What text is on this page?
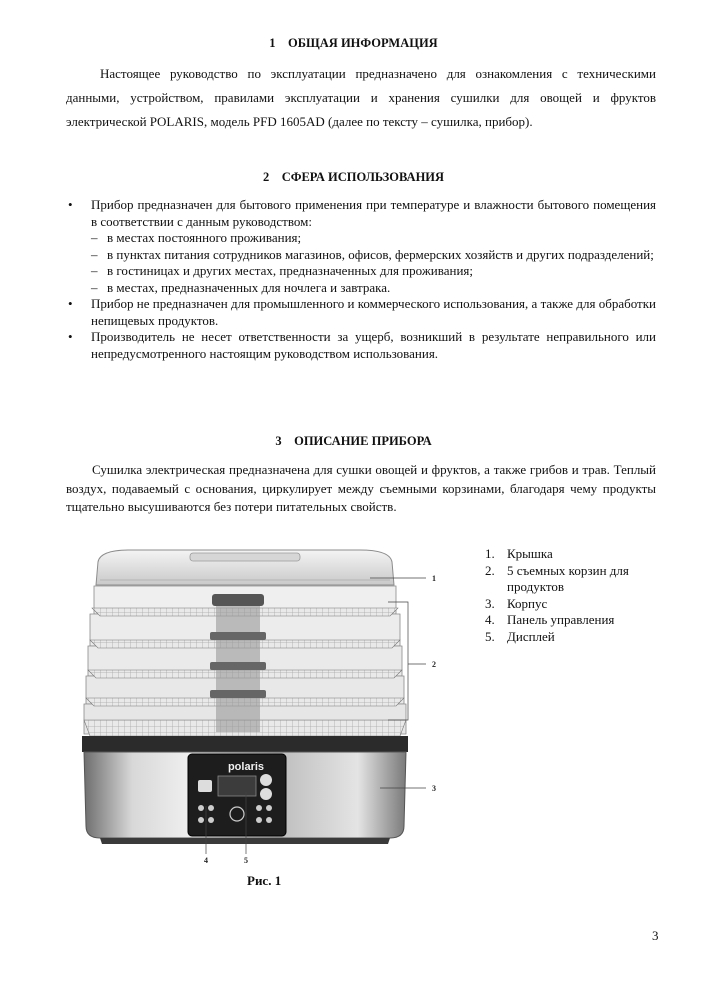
1 ОБЩАЯ ИНФОРМАЦИЯ
Настоящее руководство по эксплуатации предназначено для ознакомления с техническими данными, устройством, правилами эксплуатации и хранения сушилки для овощей и фруктов электрической POLARIS, модель PFD 1605AD (далее по тексту – сушилка, прибор).
2 СФЕРА ИСПОЛЬЗОВАНИЯ
• Прибор предназначен для бытового применения при температуре и влажности бытового помещения в соответствии с данным руководством:
– в местах постоянного проживания;
– в пунктах питания сотрудников магазинов, офисов, фермерских хозяйств и других подразделений;
– в гостиницах и других местах, предназначенных для проживания;
– в местах, предназначенных для ночлега и завтрака.
• Прибор не предназначен для промышленного и коммерческого использования, а также для обработки непищевых продуктов.
• Производитель не несет ответственности за ущерб, возникший в результате неправильного или непредусмотренного настоящим руководством использования.
3 ОПИСАНИЕ ПРИБОРА
Сушилка электрическая предназначена для сушки овощей и фруктов, а также грибов и трав. Теплый воздух, подаваемый с основания, циркулирует между съемными корзинами, благодаря чему продукты тщательно высушиваются без потери питательных свойств.
polaris
1
2
3
4	5
1. Крышка
2. 5 съемных корзин для продуктов
3. Корпус
4. Панель управления
5. Дисплей
Рис. 1
3
